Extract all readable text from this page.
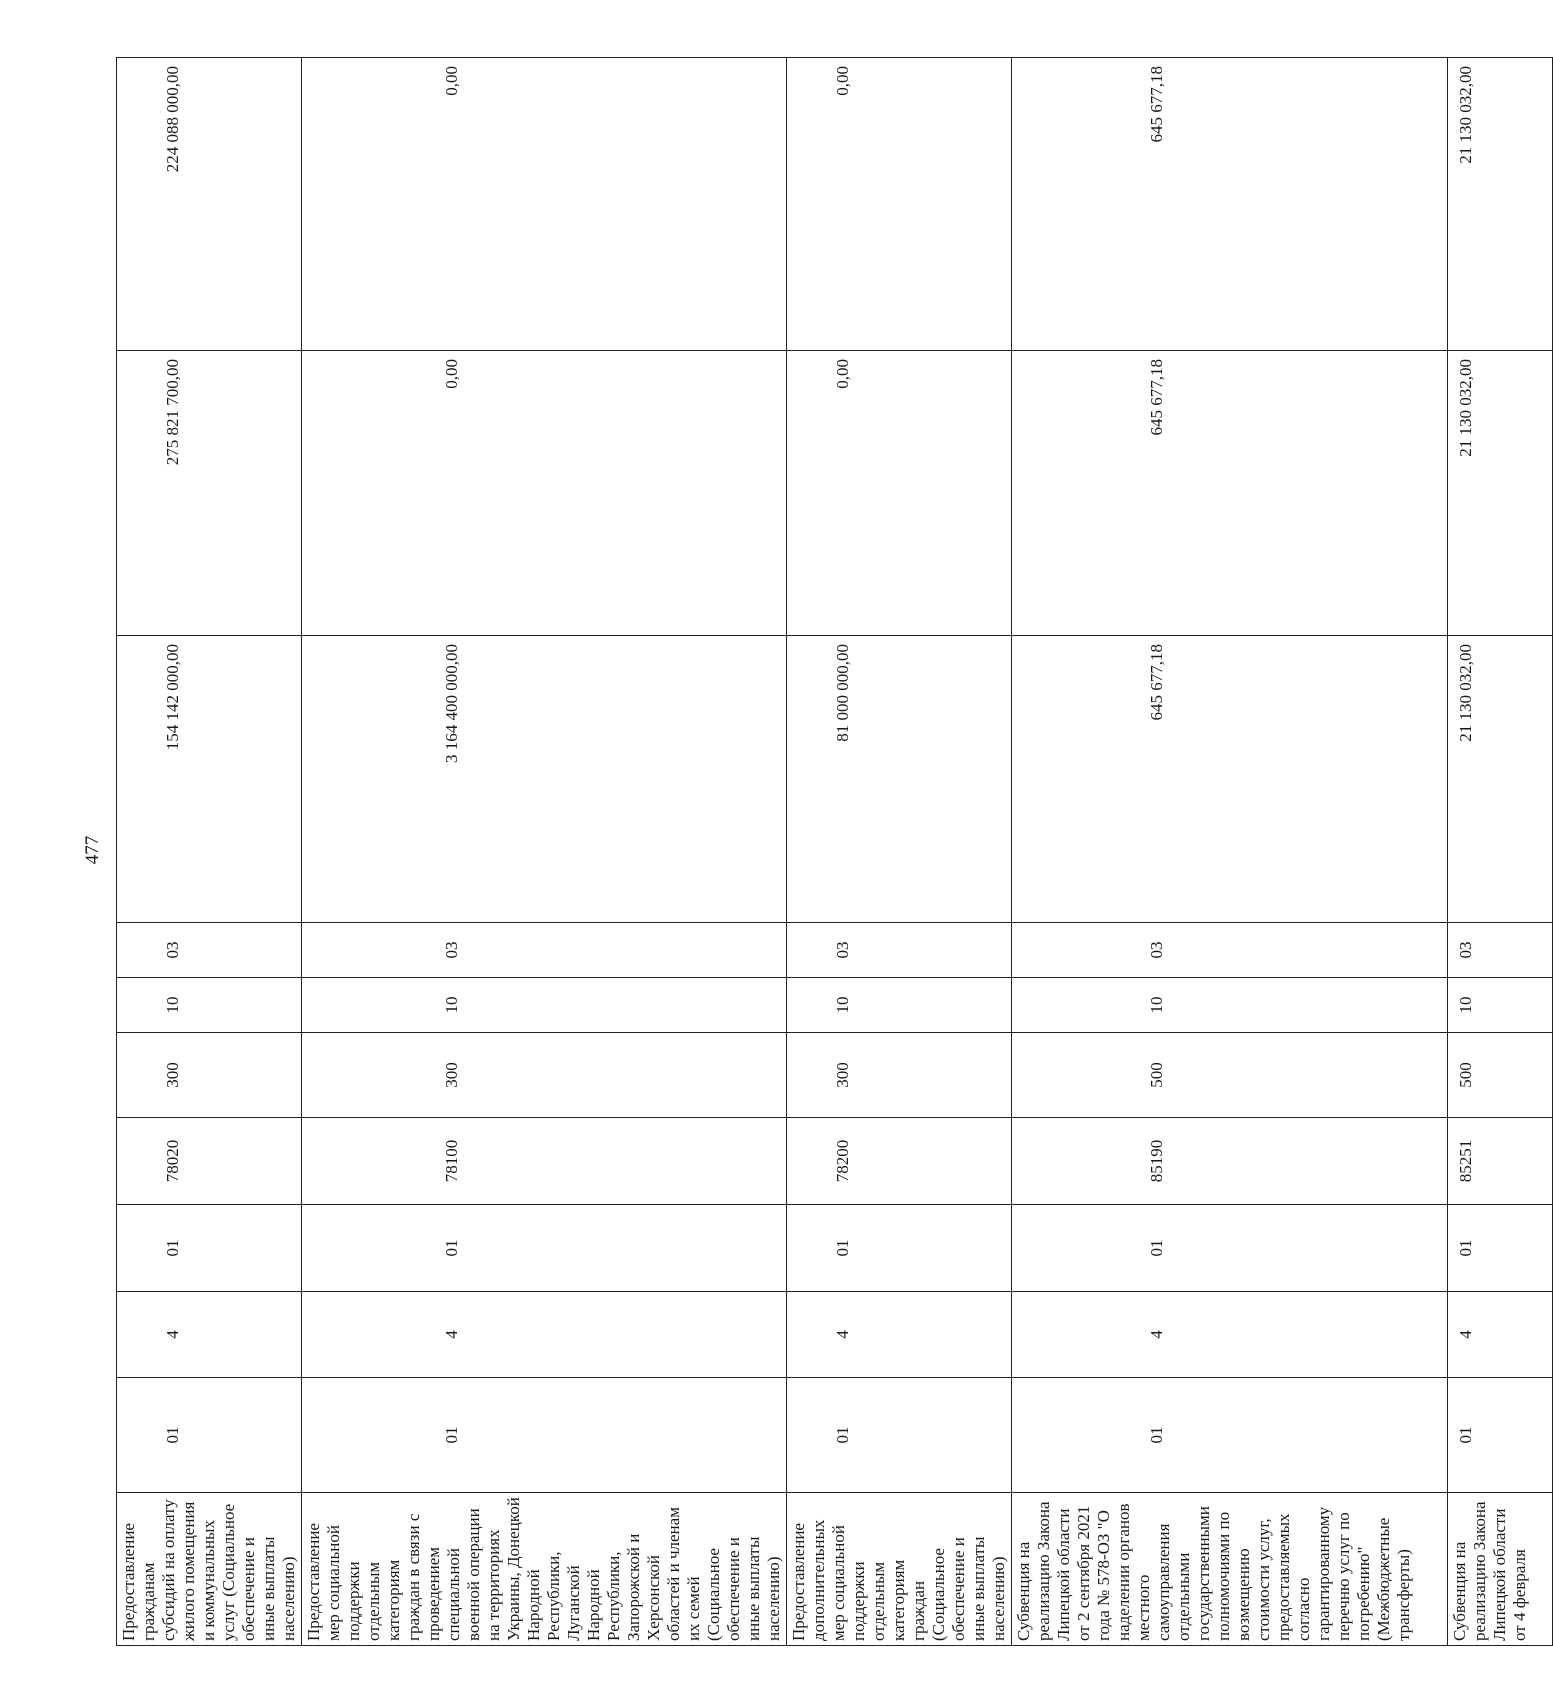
477
Предоставление гражданам субсидий на оплату жилого помещения и коммунальных услуг (Социальное обеспечение и иные выплаты населению)	01	4	01	78020	300	10	03	154 142 000,00	275 821 700,00	224 088 000,00
Предоставление мер социальной поддержки отдельным категориям граждан в связи с проведением специальной военной операции на территориях Украины, Донецкой Народной Республики, Луганской Народной Республики, Запорожской и Херсонской областей и членам их семей (Социальное обеспечение и иные выплаты населению)	01	4	01	78100	300	10	03	3 164 400 000,00	0,00	0,00
Предоставление дополнительных мер социальной поддержки отдельным категориям граждан (Социальное обеспечение и иные выплаты населению)	01	4	01	78200	300	10	03	81 000 000,00	0,00	0,00
Субвенция на реализацию Закона Липецкой области от 2 сентября 2021 года № 578-ОЗ "О наделении органов местного самоуправления отдельными государственными полномочиями по возмещению стоимости услуг, предоставляемых согласно гарантированному перечню услуг по погребению" (Межбюджетные трансферты)	01	4	01	85190	500	10	03	645 677,18	645 677,18	645 677,18
Субвенция на реализацию Закона Липецкой области от 4 февраля	01	4	01	85251	500	10	03	21 130 032,00	21 130 032,00	21 130 032,00
